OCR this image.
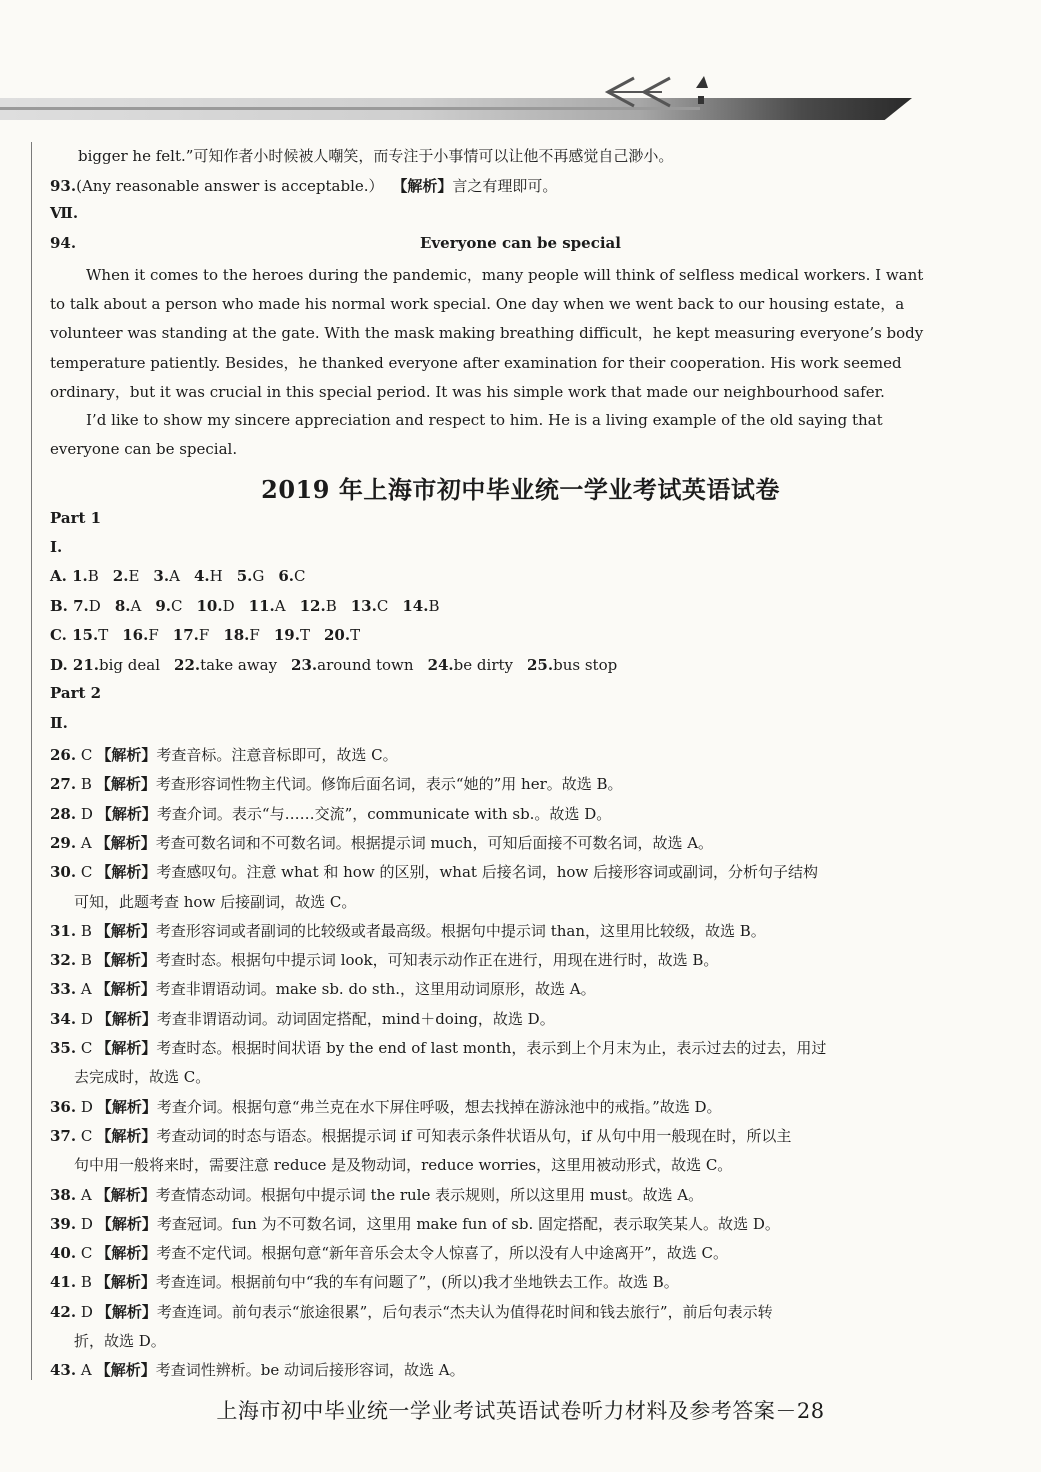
bigger he felt.”可知作者小时候被人嘲笑，而专注于小事情可以让他不再感觉自己渺小。
93.(Any reasonable answer is acceptable.） 【解析】言之有理即可。
Ⅶ.
94.	Everyone can be special
When it comes to the heroes during the pandemic，many people will think of selfless medical workers. I want
to talk about a person who made his normal work special. One day when we went back to our housing estate，a
volunteer was standing at the gate. With the mask making breathing difficult，he kept measuring everyone’s body
temperature patiently. Besides，he thanked everyone after examination for their cooperation. His work seemed
ordinary，but it was crucial in this special period. It was his simple work that made our neighbourhood safer.
I’d like to show my sincere appreciation and respect to him. He is a living example of the old saying that
everyone can be special.
2019 年上海市初中毕业统一学业考试英语试卷
Part 1
Ⅰ.
A. 1.B 2.E 3.A 4.H 5.G 6.C
B. 7.D 8.A 9.C 10.D 11.A 12.B 13.C 14.B
C. 15.T 16.F 17.F 18.F 19.T 20.T
D. 21.big deal 22.take away 23.around town 24.be dirty 25.bus stop
Part 2
Ⅱ.
26. C 【解析】考查音标。注意音标即可，故选 C。
27. B 【解析】考查形容词性物主代词。修饰后面名词，表示“她的”用 her。故选 B。
28. D 【解析】考查介词。表示“与……交流”，communicate with sb.。故选 D。
29. A 【解析】考查可数名词和不可数名词。根据提示词 much，可知后面接不可数名词，故选 A。
30. C 【解析】考查感叹句。注意 what 和 how 的区别，what 后接名词，how 后接形容词或副词，分析句子结构
可知，此题考查 how 后接副词，故选 C。
31. B 【解析】考查形容词或者副词的比较级或者最高级。根据句中提示词 than，这里用比较级，故选 B。
32. B 【解析】考查时态。根据句中提示词 look，可知表示动作正在进行，用现在进行时，故选 B。
33. A 【解析】考查非谓语动词。make sb. do sth.，这里用动词原形，故选 A。
34. D 【解析】考查非谓语动词。动词固定搭配，mind＋doing，故选 D。
35. C 【解析】考查时态。根据时间状语 by the end of last month，表示到上个月末为止，表示过去的过去，用过
去完成时，故选 C。
36. D 【解析】考查介词。根据句意“弗兰克在水下屏住呼吸，想去找掉在游泳池中的戒指。”故选 D。
37. C 【解析】考查动词的时态与语态。根据提示词 if 可知表示条件状语从句，if 从句中用一般现在时，所以主
句中用一般将来时，需要注意 reduce 是及物动词，reduce worries，这里用被动形式，故选 C。
38. A 【解析】考查情态动词。根据句中提示词 the rule 表示规则，所以这里用 must。故选 A。
39. D 【解析】考查冠词。fun 为不可数名词，这里用 make fun of sb. 固定搭配，表示取笑某人。故选 D。
40. C 【解析】考查不定代词。根据句意“新年音乐会太令人惊喜了，所以没有人中途离开”，故选 C。
41. B 【解析】考查连词。根据前句中“我的车有问题了”，(所以)我才坐地铁去工作。故选 B。
42. D 【解析】考查连词。前句表示“旅途很累”，后句表示“杰夫认为值得花时间和钱去旅行”，前后句表示转
折，故选 D。
43. A 【解析】考查词性辨析。be 动词后接形容词，故选 A。
上海市初中毕业统一学业考试英语试卷听力材料及参考答案－28
